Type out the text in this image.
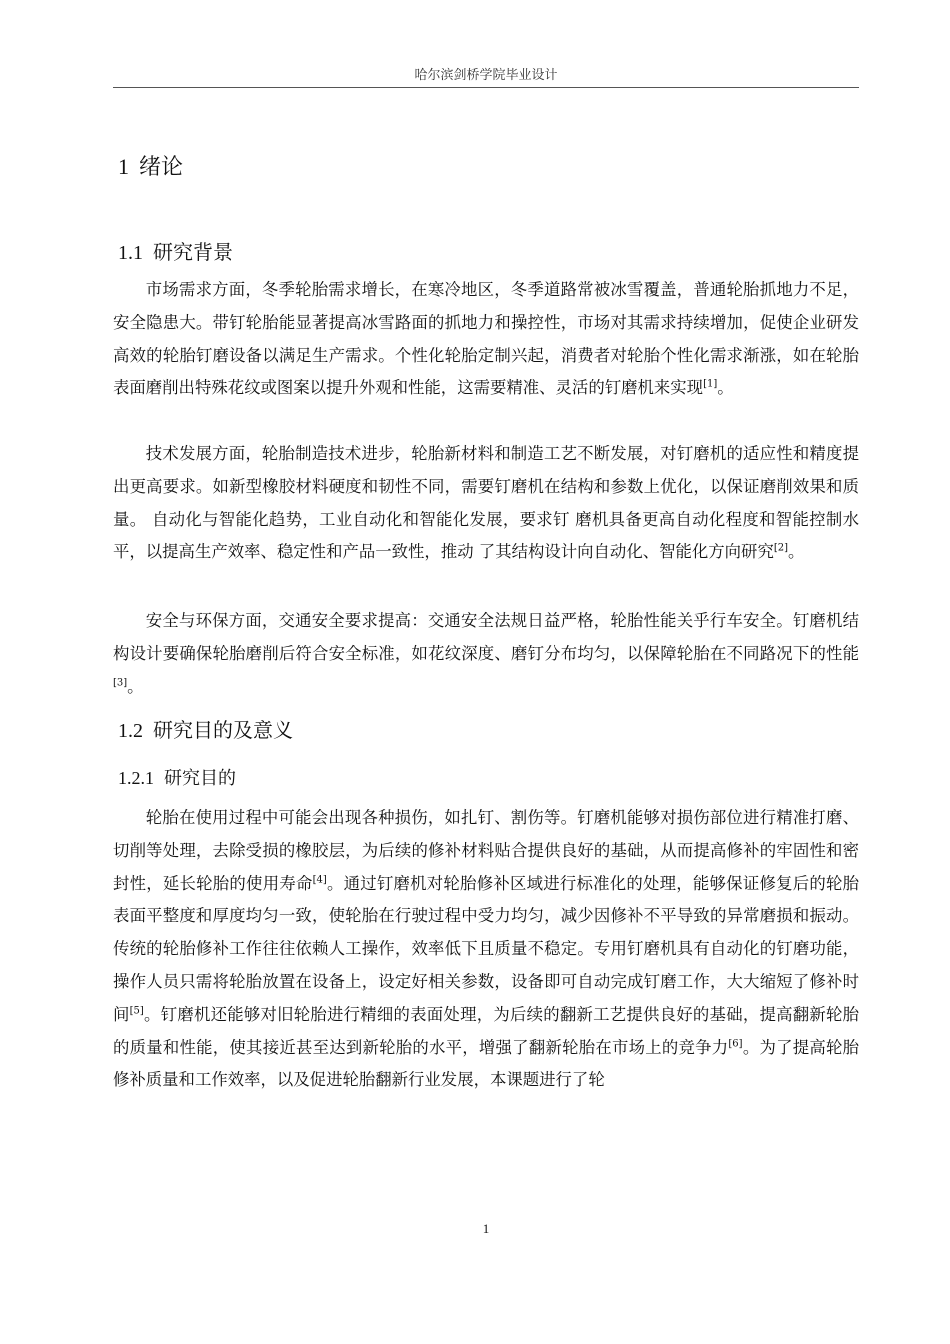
哈尔滨剑桥学院毕业设计
1 绪论
1.1 研究背景
市场需求方面，冬季轮胎需求增长，在寒冷地区，冬季道路常被冰雪覆盖，普通轮胎抓地力不足，安全隐患大。带钉轮胎能显著提高冰雪路面的抓地力和操控性，市场对其需求持续增加，促使企业研发高效的轮胎钉磨设备以满足生产需求。个性化轮胎定制兴起，消费者对轮胎个性化需求渐涨，如在轮胎表面磨削出特殊花纹或图案以提升外观和性能，这需要精准、灵活的钉磨机来实现[1]。
技术发展方面，轮胎制造技术进步，轮胎新材料和制造工艺不断发展，对钉磨机的适应性和精度提出更高要求。如新型橡胶材料硬度和韧性不同，需要钉磨机在结构和参数上优化，以保证磨削效果和质量。 自动化与智能化趋势，工业自动化和智能化发展，要求钉 磨机具备更高自动化程度和智能控制水平，以提高生产效率、稳定性和产品一致性，推动 了其结构设计向自动化、智能化方向研究[2]。
安全与环保方面，交通安全要求提高：交通安全法规日益严格，轮胎性能关乎行车安全。钉磨机结构设计要确保轮胎磨削后符合安全标准，如花纹深度、磨钉分布均匀，以保障轮胎在不同路况下的性能[3]。
1.2 研究目的及意义
1.2.1 研究目的
轮胎在使用过程中可能会出现各种损伤，如扎钉、割伤等。钉磨机能够对损伤部位进行精准打磨、切削等处理，去除受损的橡胶层，为后续的修补材料贴合提供良好的基础，从而提高修补的牢固性和密封性，延长轮胎的使用寿命[4]。通过钉磨机对轮胎修补区域进行标准化的处理，能够保证修复后的轮胎表面平整度和厚度均匀一致，使轮胎在行驶过程中受力均匀，减少因修补不平导致的异常磨损和振动。传统的轮胎修补工作往往依赖人工操作，效率低下且质量不稳定。专用钉磨机具有自动化的钉磨功能，操作人员只需将轮胎放置在设备上，设定好相关参数，设备即可自动完成钉磨工作，大大缩短了修补时间[5]。钉磨机还能够对旧轮胎进行精细的表面处理，为后续的翻新工艺提供良好的基础，提高翻新轮胎的质量和性能，使其接近甚至达到新轮胎的水平，增强了翻新轮胎在市场上的竞争力[6]。为了提高轮胎修补质量和工作效率，以及促进轮胎翻新行业发展，本课题进行了轮
1
